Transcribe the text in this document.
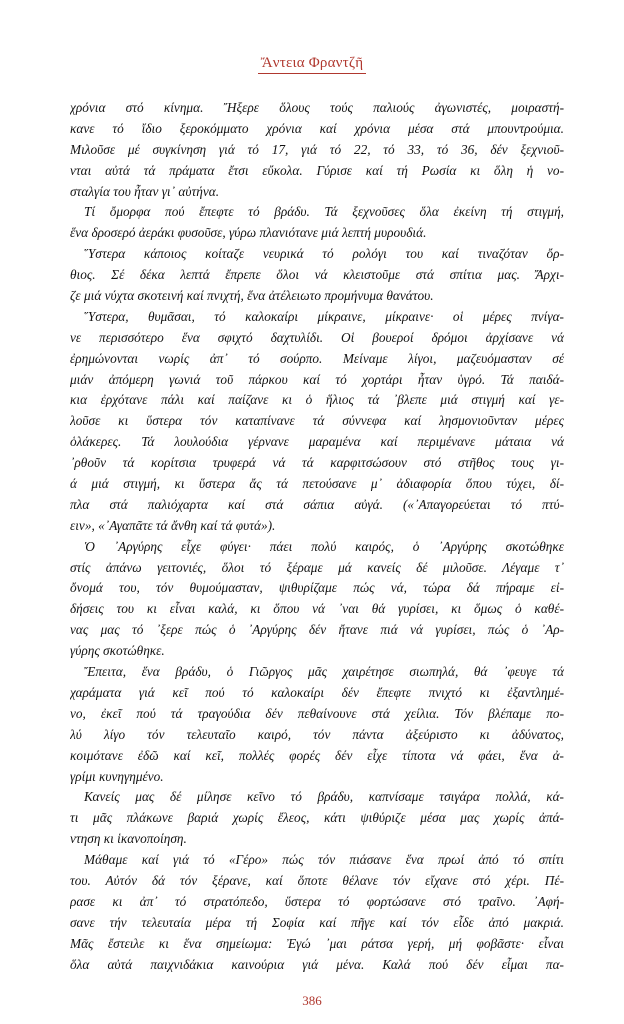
Ἄντεια Φραντζῆ
χρόνια στό κίνημα. Ἤξερε ὅλους τούς παλιούς ἀγωνιστές, μοιραστή-
κανε τό ἴδιο ξεροκόμματο χρόνια καί χρόνια μέσα στά μπουντρούμια.
Μιλοῦσε μέ συγκίνηση γιά τό 17, γιά τό 22, τό 33, τό 36, δέν ξεχνιοῦ-
νται αὐτά τά πράματα ἔτσι εὔκολα. Γύρισε καί τή Ρωσία κι ὅλη ἡ νο-
σταλγία του ἦταν γι᾽ αὐτήνα.
Τί ὄμορφα πού ἔπεφτε τό βράδυ. Τά ξεχνοῦσες ὅλα ἐκείνη τή στιγμή,
ἕνα δροσερό ἀεράκι φυσοῦσε, γύρω πλανιότανε μιά λεπτή μυρουδιά.
Ὕστερα κάποιος κοίταζε νευρικά τό ρολόγι του καί τιναζόταν ὄρ-
θιος. Σέ δέκα λεπτά ἔπρεπε ὅλοι νά κλειστοῦμε στά σπίτια μας. Ἄρχι-
ζε μιά νύχτα σκοτεινή καί πνιχτή, ἕνα ἀτέλειωτο προμήνυμα θανάτου.
Ὕστερα, θυμᾶσαι, τό καλοκαίρι μίκραινε, μίκραινε· οἱ μέρες πνίγα-
νε περισσότερο ἕνα σφιχτό δαχτυλίδι. Οἱ βουεροί δρόμοι ἀρχίσανε νά
ἐρημώνονται νωρίς ἀπ᾽ τό σούρπο. Μείναμε λίγοι, μαζευόμασταν σέ
μιάν ἀπόμερη γωνιά τοῦ πάρκου καί τό χορτάρι ἦταν ὑγρό. Τά παιδά-
κια ἐρχότανε πάλι καί παίζανε κι ὁ ἥλιος τά ᾽βλεπε μιά στιγμή καί γε-
λοῦσε κι ὕστερα τόν καταπίνανε τά σύννεφα καί λησμονιοῦνταν μέρες
ὁλάκερες. Τά λουλούδια γέρνανε μαραμένα καί περιμένανε μάταια νά
᾽ρθοῦν τά κορίτσια τρυφερά νά τά καρφιτσώσουν στό στῆθος τους γι-
ά μιά στιγμή, κι ὕστερα ἄς τά πετούσανε μ᾽ ἀδιαφορία ὅπου τύχει, δί-
πλα στά παλιόχαρτα καί στά σάπια αὐγά. («᾽Απαγορεύεται τό πτύ-
ειν», «᾽Αγαπᾶτε τά ἄνθη καί τά φυτά»).
Ὁ ᾽Αργύρης εἶχε φύγει· πάει πολύ καιρός, ὁ ᾽Αργύρης σκοτώθηκε
στίς ἀπάνω γειτονιές, ὅλοι τό ξέραμε μά κανείς δέ μιλοῦσε. Λέγαμε τ᾽
ὄνομά του, τόν θυμούμασταν, ψιθυρίζαμε πώς νά, τώρα δά πήραμε εἰ-
δήσεις του κι εἶναι καλά, κι ὅπου νά ᾽ναι θά γυρίσει, κι ὅμως ὁ καθέ-
νας μας τό ᾽ξερε πώς ὁ ᾽Αργύρης δέν ἤτανε πιά νά γυρίσει, πώς ὁ ᾽Αρ-
γύρης σκοτώθηκε.
Ἔπειτα, ἕνα βράδυ, ὁ Γιῶργος μᾶς χαιρέτησε σιωπηλά, θά ᾽φευγε τά
χαράματα γιά κεῖ πού τό καλοκαίρι δέν ἔπεφτε πνιχτό κι ἐξαντλημέ-
νο, ἐκεῖ πού τά τραγούδια δέν πεθαίνουνε στά χείλια. Τόν βλέπαμε πο-
λύ λίγο τόν τελευταῖο καιρό, τόν πάντα ἀξεύριστο κι ἀδύνατος,
κοιμότανε ἐδῶ καί κεῖ, πολλές φορές δέν εἶχε τίποτα νά φάει, ἕνα ἀ-
γρίμι κυνηγημένο.
Κανείς μας δέ μίλησε κεῖνο τό βράδυ, καπνίσαμε τσιγάρα πολλά, κά-
τι μᾶς πλάκωνε βαριά χωρίς ἔλεος, κάτι ψιθύριζε μέσα μας χωρίς ἀπά-
ντηση κι ἱκανοποίηση.
Μάθαμε καί γιά τό «Γέρο» πώς τόν πιάσανε ἕνα πρωί ἀπό τό σπίτι
του. Αὐτόν δά τόν ξέρανε, καί ὅποτε θέλανε τόν εἴχανε στό χέρι. Πέ-
ρασε κι ἀπ᾽ τό στρατόπεδο, ὕστερα τό φορτώσανε στό τραῖνο. ᾽Αφή-
σανε τήν τελευταία μέρα τή Σοφία καί πῆγε καί τόν εἶδε ἀπό μακριά.
Μᾶς ἔστειλε κι ἕνα σημείωμα: Ἐγώ ᾽μαι ράτσα γερή, μή φοβᾶστε· εἶναι
ὅλα αὐτά παιχνιδάκια καινούρια γιά μένα. Καλά πού δέν εἶμαι πα-
386
